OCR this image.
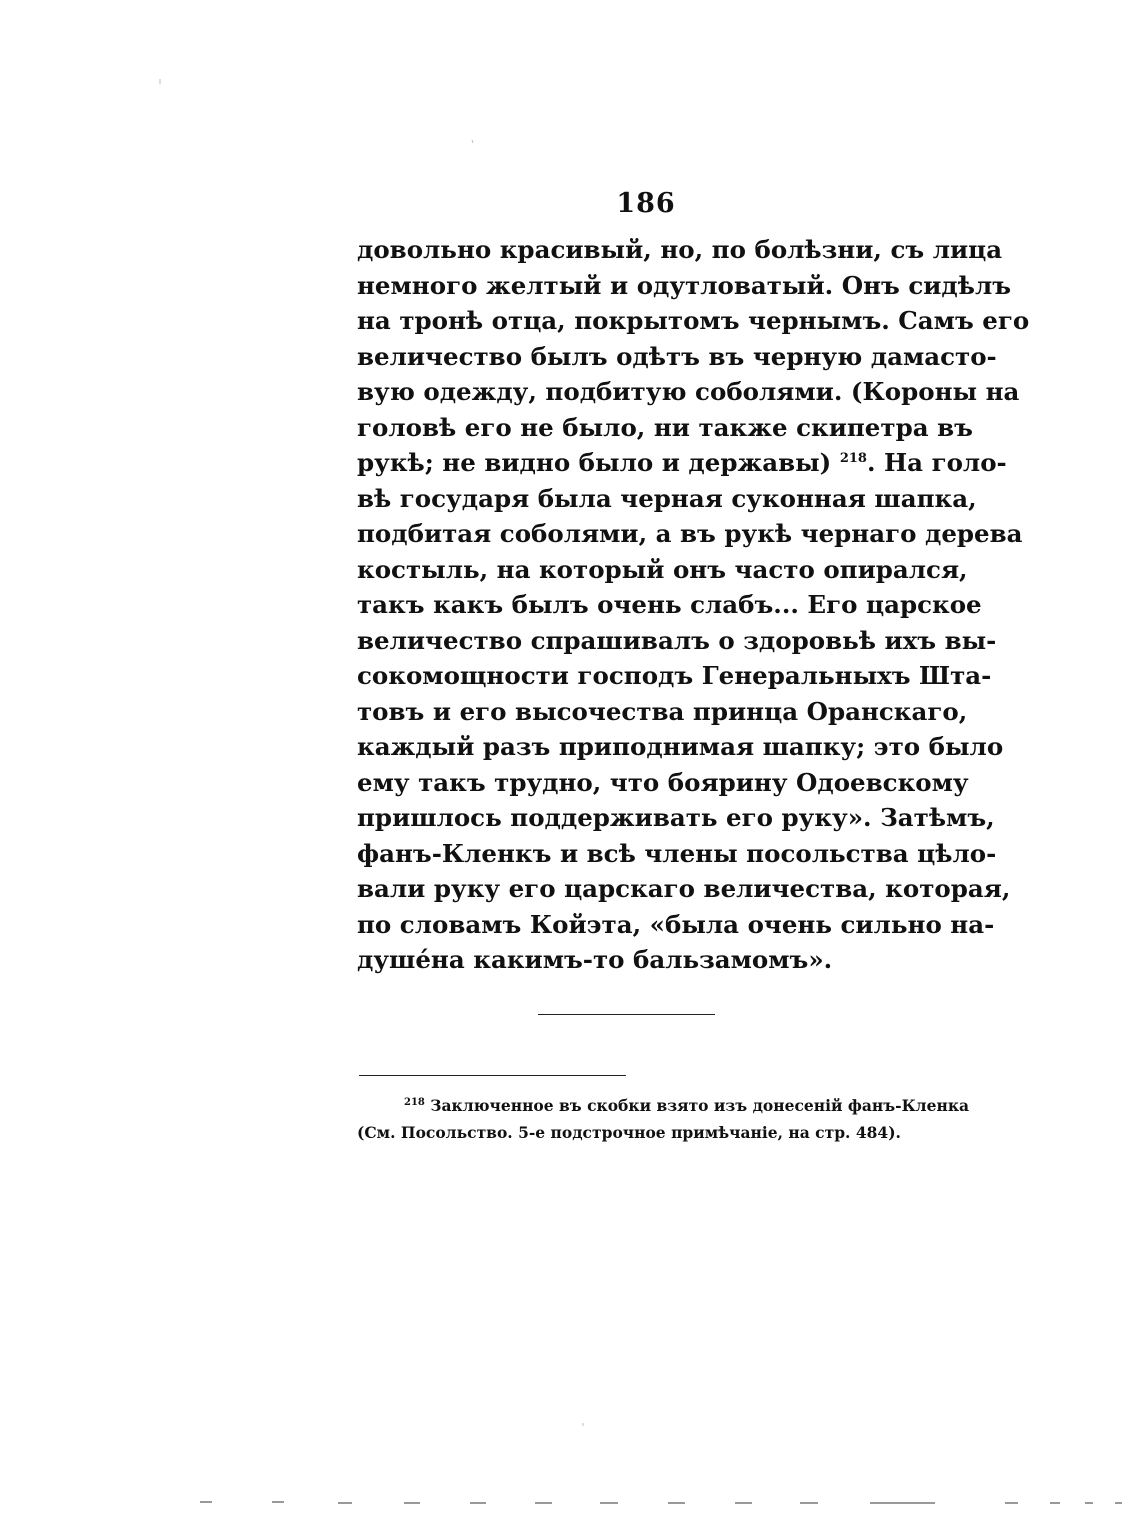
186
довольно красивый, но, по болѣзни, съ лица
немного желтый и одутловатый. Онъ сидѣлъ
на тронѣ отца, покрытомъ чернымъ. Самъ его
величество былъ одѣтъ въ черную дамасто-
вую одежду, подбитую соболями. (Короны на
головѣ его не было, ни также скипетра въ
рукѣ; не видно было и державы) $^{218}$. На голо-
вѣ государя была черная суконная шапка,
подбитая соболями, а въ рукѣ чернаго дерева
костыль, на который онъ часто опирался,
такъ какъ былъ очень слабъ... Его царское
величество спрашивалъ о здоровьѣ ихъ вы-
сокомощности господъ Генеральныхъ Шта-
товъ и его высочества принца Оранскаго,
каждый разъ приподнимая шапку; это было
ему такъ трудно, что боярину Одоевскому
пришлось поддерживать его руку». Затѣмъ,
фанъ-Кленкъ и всѣ члены посольства цѣло-
вали руку его царскаго величества, которая,
по словамъ Койэта, «была очень сильно на-
душéна какимъ-то бальзамомъ».
$^{218}$ Заключенное въ скобки взято изъ донесеній фанъ-Кленка
(См. Посольство. 5-е подстрочное примѣчаніе, на стр. 484).
